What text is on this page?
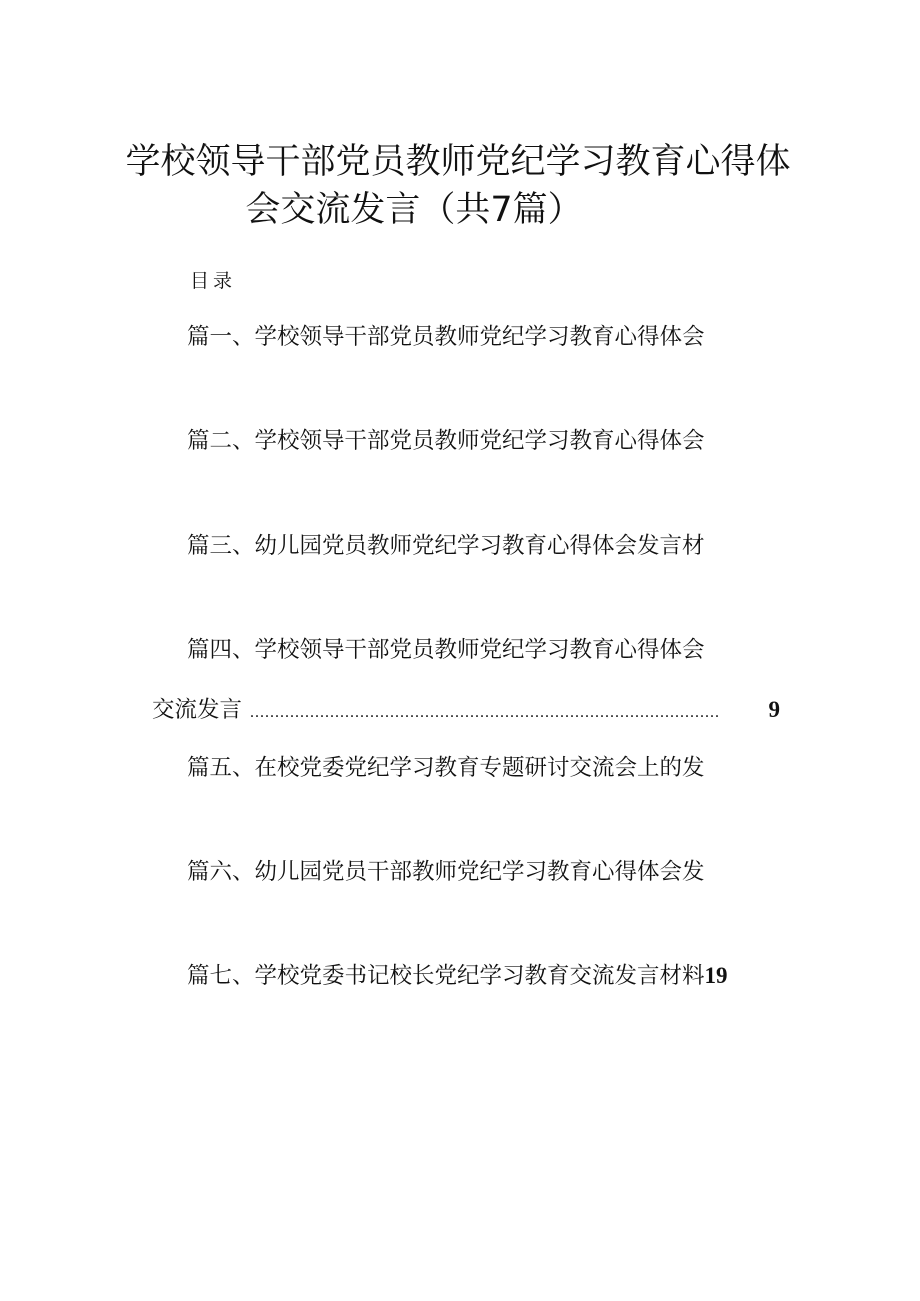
学校领导干部党员教师党纪学习教育心得体
会交流发言（共7篇）
目录
篇一、学校领导干部党员教师党纪学习教育心得体会
篇二、学校领导干部党员教师党纪学习教育心得体会
篇三、幼儿园党员教师党纪学习教育心得体会发言材
篇四、学校领导干部党员教师党纪学习教育心得体会
交流发言 ..............................................................................................	9
篇五、在校党委党纪学习教育专题研讨交流会上的发
篇六、幼儿园党员干部教师党纪学习教育心得体会发
篇七、学校党委书记校长党纪学习教育交流发言材料19
